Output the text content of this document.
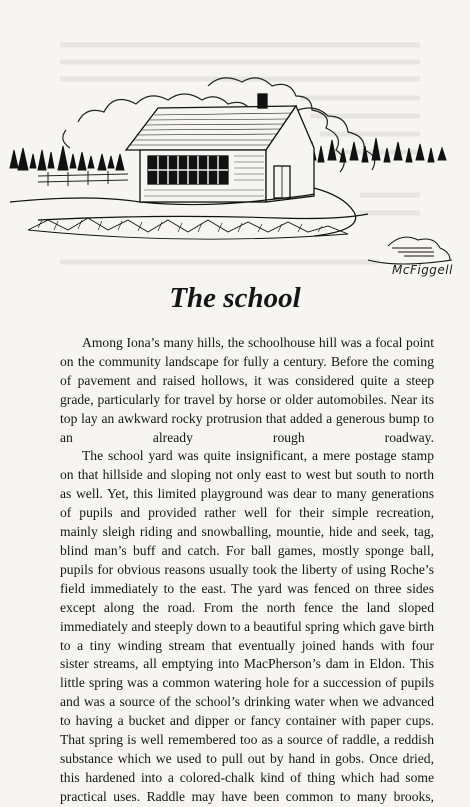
McFiggell
The school

Among Iona’s many hills, the schoolhouse hill was a focal point on the community landscape for fully a century. Before the coming of pavement and raised hollows, it was considered quite a steep grade, particularly for travel by horse or older automobiles. Near its top lay an awkward rocky protrusion that added a generous bump to an already rough roadway.

The school yard was quite insignificant, a mere postage stamp on that hillside and sloping not only east to west but south to north as well. Yet, this limited playground was dear to many generations of pupils and provided rather well for their simple recreation, mainly sleigh riding and snowballing, mountie, hide and seek, tag, blind man’s buff and catch. For ball games, mostly sponge ball, pupils for obvious reasons usually took the liberty of using Roche’s field immediately to the east. The yard was fenced on three sides except along the road. From the north fence the land sloped immediately and steeply down to a beautiful spring which gave birth to a tiny winding stream that eventually joined hands with four sister streams, all emptying into MacPherson’s dam in Eldon. This little spring was a common watering hole for a succession of pupils and was a source of the school’s drinking water when we advanced to having a bucket and dipper or fancy container with paper cups. That spring is well remembered too as a source of raddle, a reddish substance which we used to pull out by hand in gobs. Once dried, this hardened into a colored-chalk kind of thing which had some practical uses. Raddle may have been common to many brooks,
